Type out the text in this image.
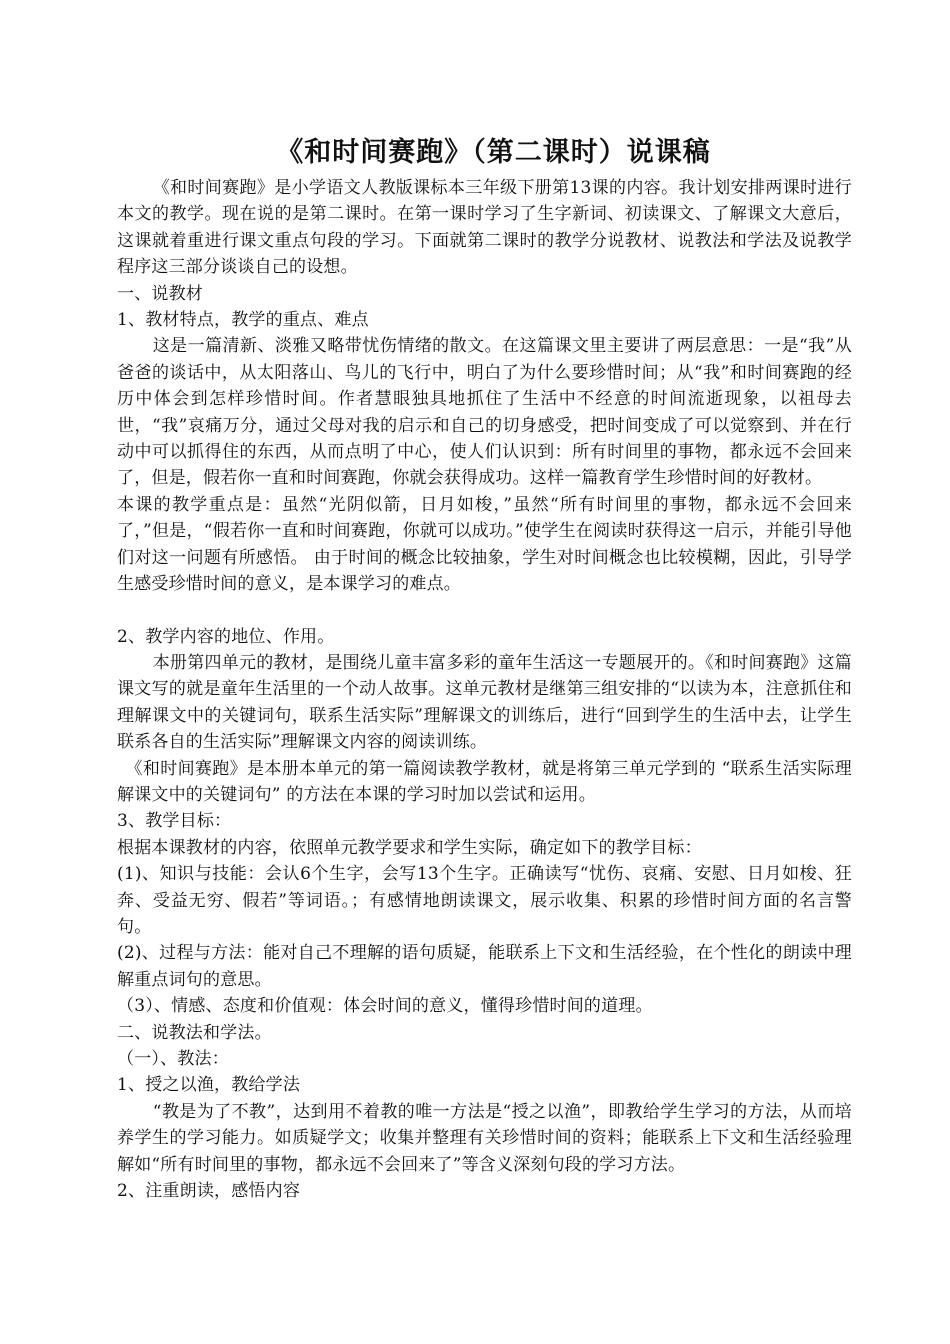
《和时间赛跑》（第二课时）说课稿

《和时间赛跑》是小学语文人教版课标本三年级下册第13课的内容。我计划安排两课时进行本文的教学。现在说的是第二课时。在第一课时学习了生字新词、初读课文、了解课文大意后，这课就着重进行课文重点句段的学习。下面就第二课时的教学分说教材、说教法和学法及说教学程序这三部分谈谈自己的设想。

一、说教材

1、教材特点，教学的重点、难点

这是一篇清新、淡雅又略带忧伤情绪的散文。在这篇课文里主要讲了两层意思：一是“我”从爸爸的谈话中，从太阳落山、鸟儿的飞行中，明白了为什么要珍惜时间；从“我”和时间赛跑的经历中体会到怎样珍惜时间。作者慧眼独具地抓住了生活中不经意的时间流逝现象，以祖母去世，“我”哀痛万分，通过父母对我的启示和自己的切身感受，把时间变成了可以觉察到、并在行动中可以抓得住的东西，从而点明了中心，使人们认识到：所有时间里的事物，都永远不会回来了，但是，假若你一直和时间赛跑，你就会获得成功。这样一篇教育学生珍惜时间的好教材。

本课的教学重点是：虽然“光阴似箭，日月如梭，”虽然“所有时间里的事物，都永远不会回来了，”但是，“假若你一直和时间赛跑，你就可以成功。”使学生在阅读时获得这一启示，并能引导他们对这一问题有所感悟。 由于时间的概念比较抽象，学生对时间概念也比较模糊，因此，引导学生感受珍惜时间的意义，是本课学习的难点。

2、教学内容的地位、作用。

本册第四单元的教材，是围绕儿童丰富多彩的童年生活这一专题展开的。《和时间赛跑》这篇课文写的就是童年生活里的一个动人故事。这单元教材是继第三组安排的“以读为本，注意抓住和理解课文中的关键词句，联系生活实际”理解课文的训练后，进行“回到学生的生活中去，让学生联系各自的生活实际”理解课文内容的阅读训练。

《和时间赛跑》是本册本单元的第一篇阅读教学教材，就是将第三单元学到的 “联系生活实际理解课文中的关键词句” 的方法在本课的学习时加以尝试和运用。

3、教学目标：

根据本课教材的内容，依照单元教学要求和学生实际，确定如下的教学目标：

(1)、知识与技能：会认6个生字，会写13个生字。正确读写“忧伤、哀痛、安慰、日月如梭、狂奔、受益无穷、假若”等词语。；有感情地朗读课文，展示收集、积累的珍惜时间方面的名言警句。

(2)、过程与方法：能对自己不理解的语句质疑，能联系上下文和生活经验，在个性化的朗读中理解重点词句的意思。

（3）、情感、态度和价值观：体会时间的意义，懂得珍惜时间的道理。

二、说教法和学法。

（一）、教法：

1、授之以渔，教给学法

“教是为了不教”，达到用不着教的唯一方法是“授之以渔”，即教给学生学习的方法，从而培养学生的学习能力。如质疑学文；收集并整理有关珍惜时间的资料；能联系上下文和生活经验理解如“所有时间里的事物，都永远不会回来了”等含义深刻句段的学习方法。

2、注重朗读，感悟内容
